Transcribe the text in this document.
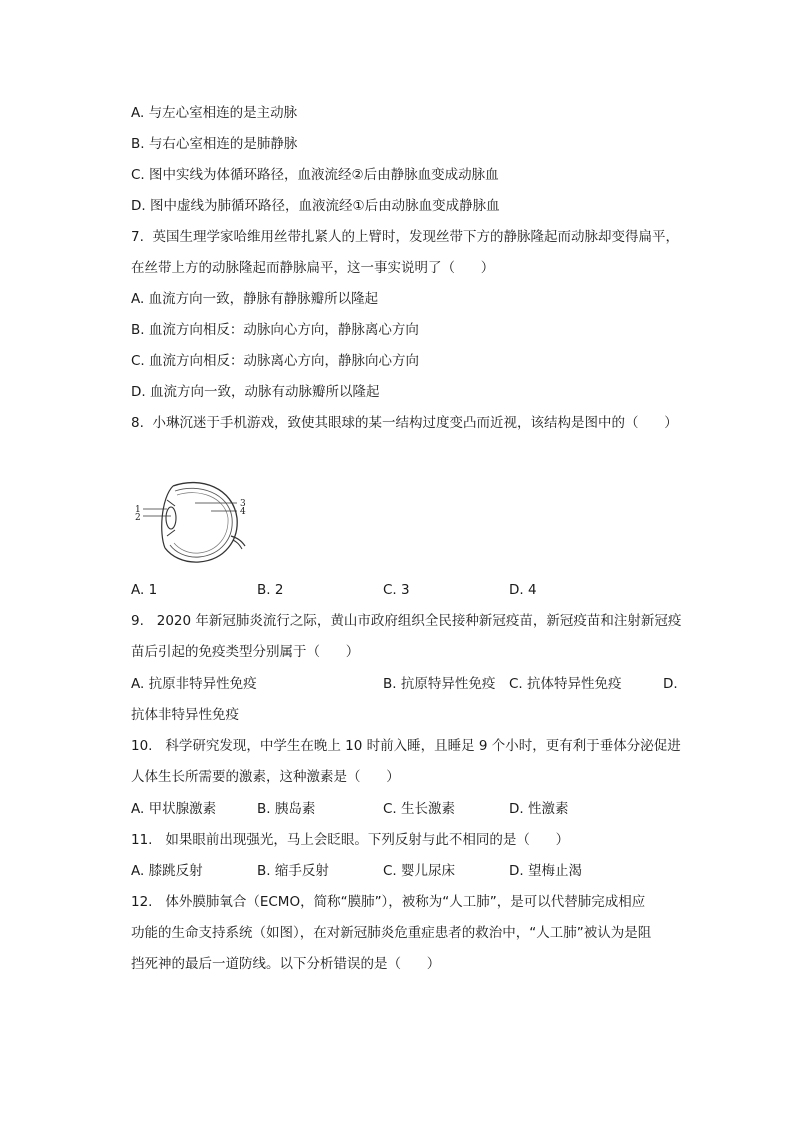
A. 与左心室相连的是主动脉
B. 与右心室相连的是肺静脉
C. 图中实线为体循环路径，血液流经②后由静脉血变成动脉血
D. 图中虚线为肺循环路径，血液流经①后由动脉血变成静脉血
7.  英国生理学家哈维用丝带扎紧人的上臂时，发现丝带下方的静脉隆起而动脉却变得扁平，
在丝带上方的动脉隆起而静脉扁平，这一事实说明了（      ）
A. 血流方向一致，静脉有静脉瓣所以隆起
B. 血流方向相反：动脉向心方向，静脉离心方向
C. 血流方向相反：动脉离心方向，静脉向心方向
D. 血流方向一致，动脉有动脉瓣所以隆起
8.  小琳沉迷于手机游戏，致使其眼球的某一结构过度变凸而近视，该结构是图中的（      ）
1
2
3
4
A. 1	B. 2	C. 3	D. 4
9.   2020 年新冠肺炎流行之际，黄山市政府组织全民接种新冠疫苗，新冠疫苗和注射新冠疫
苗后引起的免疫类型分别属于（      ）
A. 抗原非特异性免疫	B. 抗原特异性免疫 C. 抗体特异性免疫	D.
抗体非特异性免疫
10.   科学研究发现，中学生在晚上 10 时前入睡，且睡足 9 个小时，更有利于垂体分泌促进
人体生长所需要的激素，这种激素是（      ）
A. 甲状腺激素	B. 胰岛素	C. 生长激素	D. 性激素
11.   如果眼前出现强光，马上会眨眼。下列反射与此不相同的是（      ）
A. 膝跳反射	B. 缩手反射	C. 婴儿尿床	D. 望梅止渴
12.   体外膜肺氧合（ECMO，简称“膜肺”），被称为“人工肺”，是可以代替肺完成相应
功能的生命支持系统（如图），在对新冠肺炎危重症患者的救治中，“人工肺”被认为是阻
挡死神的最后一道防线。以下分析错误的是（      ）
